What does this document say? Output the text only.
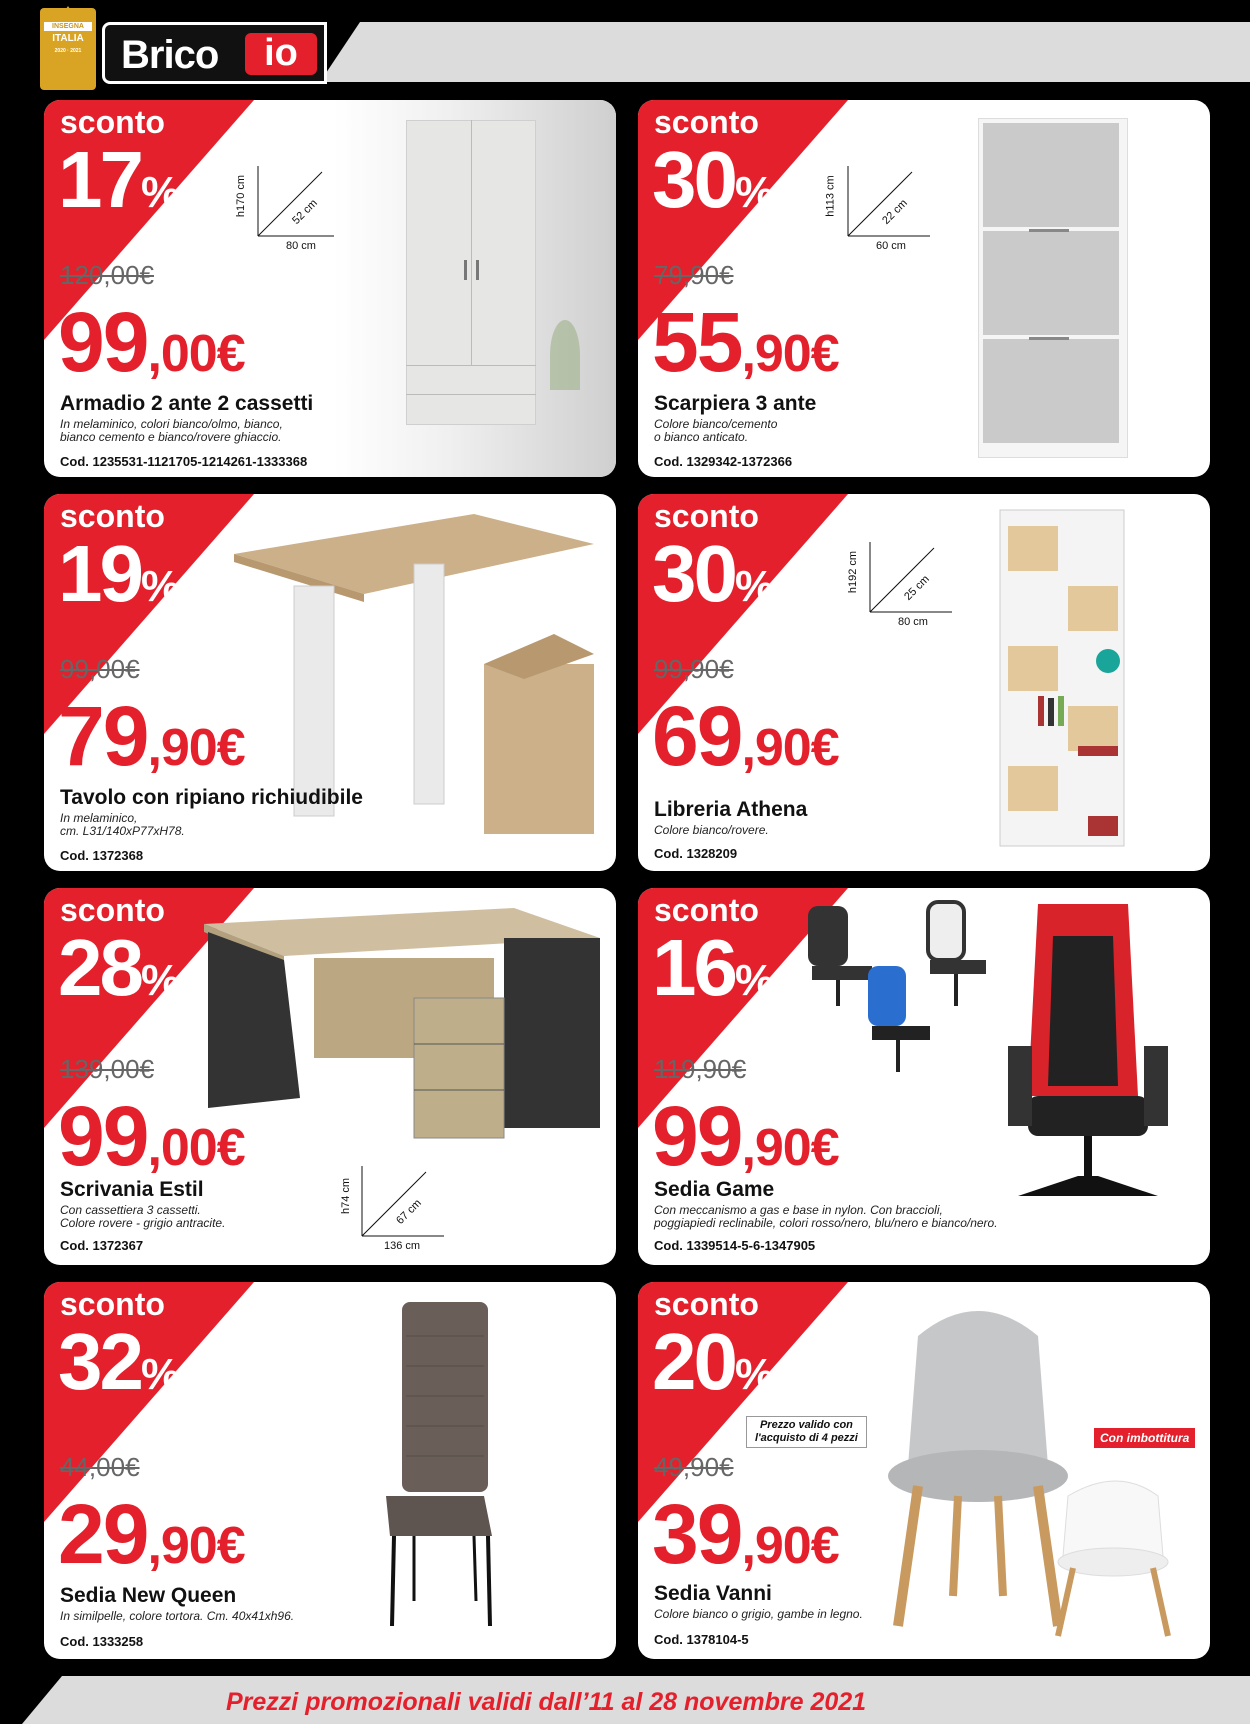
INSEGNA
ITALIA
2020 · 2021 Brico	io
sconto
17%	h170 cm	52 cm
80 cm
120,00€
99,00€
Armadio 2 ante 2 cassetti
In melaminico, colori bianco/olmo, bianco,
bianco cemento e bianco/rovere ghiaccio.
Cod. 1235531-1121705-1214261-1333368
sconto
30%	h113 cm	22 cm
60 cm
79,90€
55,90€
Scarpiera 3 ante
Colore bianco/cemento
o bianco anticato.
Cod. 1329342-1372366
sconto
19%
99,00€
79,90€
Tavolo con ripiano richiudibile
In melaminico,
cm. L31/140xP77xH78.
Cod. 1372368
sconto
30%	h192 cm	25 cm
80 cm
99,90€
69,90€
Libreria Athena
Colore bianco/rovere.
Cod. 1328209
sconto
28%
h74 cm	67 cm
136 cm
139,00€
99,00€
Scrivania Estil
Con cassettiera 3 cassetti.
Colore rovere - grigio antracite.
Cod. 1372367
sconto
16%
119,90€
99,90€
Sedia Game
Con meccanismo a gas e base in nylon. Con braccioli,
poggiapiedi reclinabile, colori rosso/nero, blu/nero e bianco/nero.
Cod. 1339514-5-6-1347905
sconto
32%
44,00€
29,90€
Sedia New Queen
In similpelle, colore tortora. Cm. 40x41xh96.
Cod. 1333258
sconto
20%
Prezzo valido con
l'acquisto di 4 pezzi	Con imbottitura
49,90€
39,90€
Sedia Vanni
Colore bianco o grigio, gambe in legno.
Cod. 1378104-5
Prezzi promozionali validi dall’11 al 28 novembre 2021
